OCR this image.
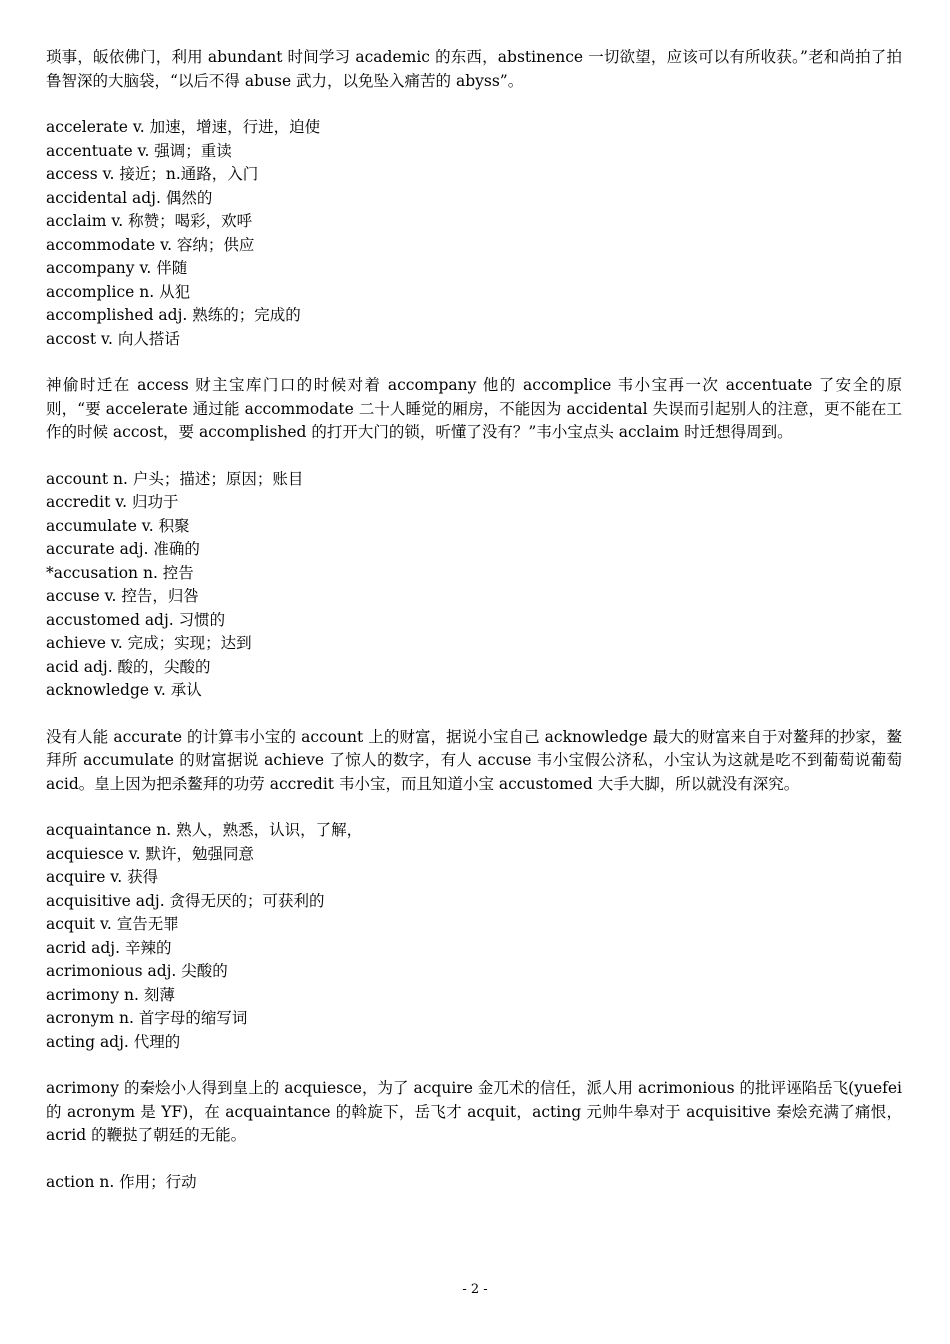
琐事，皈依佛门，利用 abundant 时间学习 academic 的东西，abstinence 一切欲望，应该可以有所收获。”老和尚拍了拍鲁智深的大脑袋，“以后不得 abuse 武力，以免坠入痛苦的 abyss”。

accelerate v. 加速，增速，行进，迫使
accentuate v. 强调；重读
access v. 接近；n.通路，入门
accidental adj. 偶然的
acclaim v. 称赞；喝彩，欢呼
accommodate v. 容纳；供应
accompany v. 伴随
accomplice n. 从犯
accomplished adj. 熟练的；完成的
accost v. 向人搭话

神偷时迁在 access 财主宝库门口的时候对着 accompany 他的 accomplice 韦小宝再一次 accentuate 了安全的原则，“要 accelerate 通过能 accommodate 二十人睡觉的厢房，不能因为 accidental 失误而引起别人的注意，更不能在工作的时候 accost，要 accomplished 的打开大门的锁，听懂了没有？”韦小宝点头 acclaim 时迁想得周到。

account n. 户头；描述；原因；账目
accredit v. 归功于
accumulate v. 积聚
accurate adj. 准确的
*accusation n. 控告
accuse v. 控告，归咎
accustomed adj. 习惯的
achieve v. 完成；实现；达到
acid adj. 酸的，尖酸的
acknowledge v. 承认

没有人能 accurate 的计算韦小宝的 account 上的财富，据说小宝自己 acknowledge 最大的财富来自于对鳌拜的抄家，鳌拜所 accumulate 的财富据说 achieve 了惊人的数字，有人 accuse 韦小宝假公济私，小宝认为这就是吃不到葡萄说葡萄 acid。皇上因为把杀鳌拜的功劳 accredit 韦小宝，而且知道小宝 accustomed 大手大脚，所以就没有深究。

acquaintance n. 熟人，熟悉，认识，了解，
acquiesce v. 默许，勉强同意
acquire v. 获得
acquisitive adj. 贪得无厌的；可获利的
acquit v. 宣告无罪
acrid adj. 辛辣的
acrimonious adj. 尖酸的
acrimony n. 刻薄
acronym n. 首字母的缩写词
acting adj. 代理的

acrimony 的秦烩小人得到皇上的 acquiesce，为了 acquire 金兀术的信任，派人用 acrimonious 的批评诬陷岳飞(yuefei 的 acronym 是 YF)，在 acquaintance 的斡旋下，岳飞才 acquit，acting 元帅牛皋对于 acquisitive 秦烩充满了痛恨，acrid 的鞭挞了朝廷的无能。

action n. 作用；行动
- 2 -
